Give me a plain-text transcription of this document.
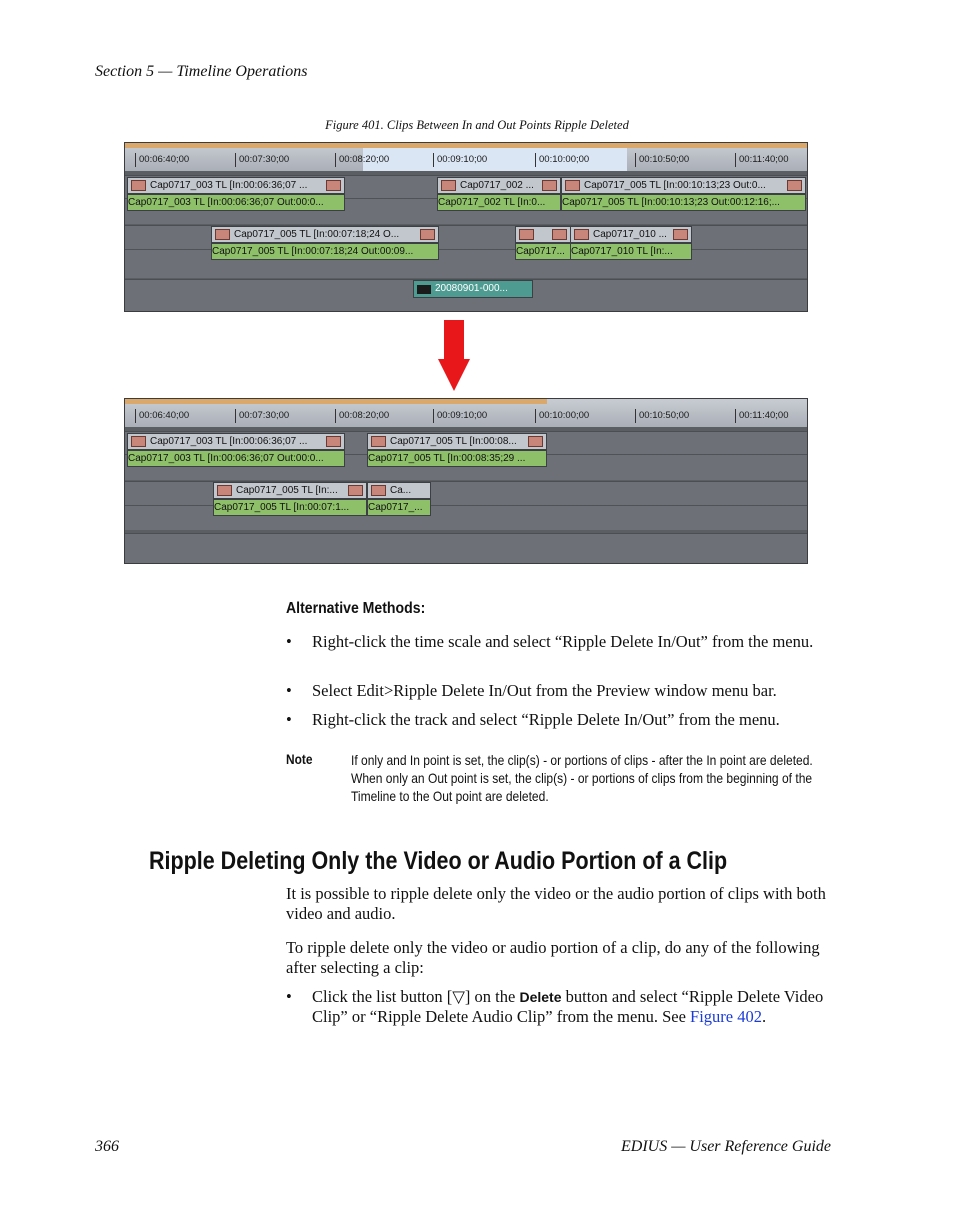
Section 5 — Timeline Operations
Figure 401. Clips Between In and Out Points Ripple Deleted
00:06:40;00	00:07:30;00	00:08:20;00	00:09:10;00	00:10:00;00	00:10:50;00	00:11:40;00
Cap0717_003 TL [In:00:06:36;07 ...
Cap0717_003 TL [In:00:06:36;07 Out:00:0...
Cap0717_002 ...
Cap0717_002 TL [In:0...
Cap0717_005 TL [In:00:10:13;23 Out:0...
Cap0717_005 TL [In:00:10:13;23 Out:00:12:16;...
Cap0717_005 TL [In:00:07:18;24 O...
Cap0717_005 TL [In:00:07:18;24 Out:00:09...	Cap0717...
Cap0717_010 ...
Cap0717_010 TL [In:...
20080901-000...
00:06:40;00	00:07:30;00	00:08:20;00	00:09:10;00	00:10:00;00	00:10:50;00	00:11:40;00
Cap0717_003 TL [In:00:06:36;07 ...
Cap0717_003 TL [In:00:06:36;07 Out:00:0...
Cap0717_005 TL [In:00:08...
Cap0717_005 TL [In:00:08:35;29 ...
Cap0717_005 TL [In:...
Cap0717_005 TL [In:00:07:1...
Ca...
Cap0717_...
Alternative Methods:
• Right-click the time scale and select “Ripple Delete In/Out” from the menu.
• Select Edit>Ripple Delete In/Out from the Preview window menu bar.
• Right-click the track and select “Ripple Delete In/Out” from the menu.
Note	If only and In point is set, the clip(s) - or portions of clips - after the In point are deleted. When only an Out point is set, the clip(s) - or portions of clips from the beginning of the Timeline to the Out point are deleted.
Ripple Deleting Only the Video or Audio Portion of a Clip
It is possible to ripple delete only the video or the audio portion of clips with both video and audio.
To ripple delete only the video or audio portion of a clip, do any of the following after selecting a clip:
• Click the list button [▽] on the Delete button and select “Ripple Delete Video Clip” or “Ripple Delete Audio Clip” from the menu. See Figure 402.
366	EDIUS — User Reference Guide
